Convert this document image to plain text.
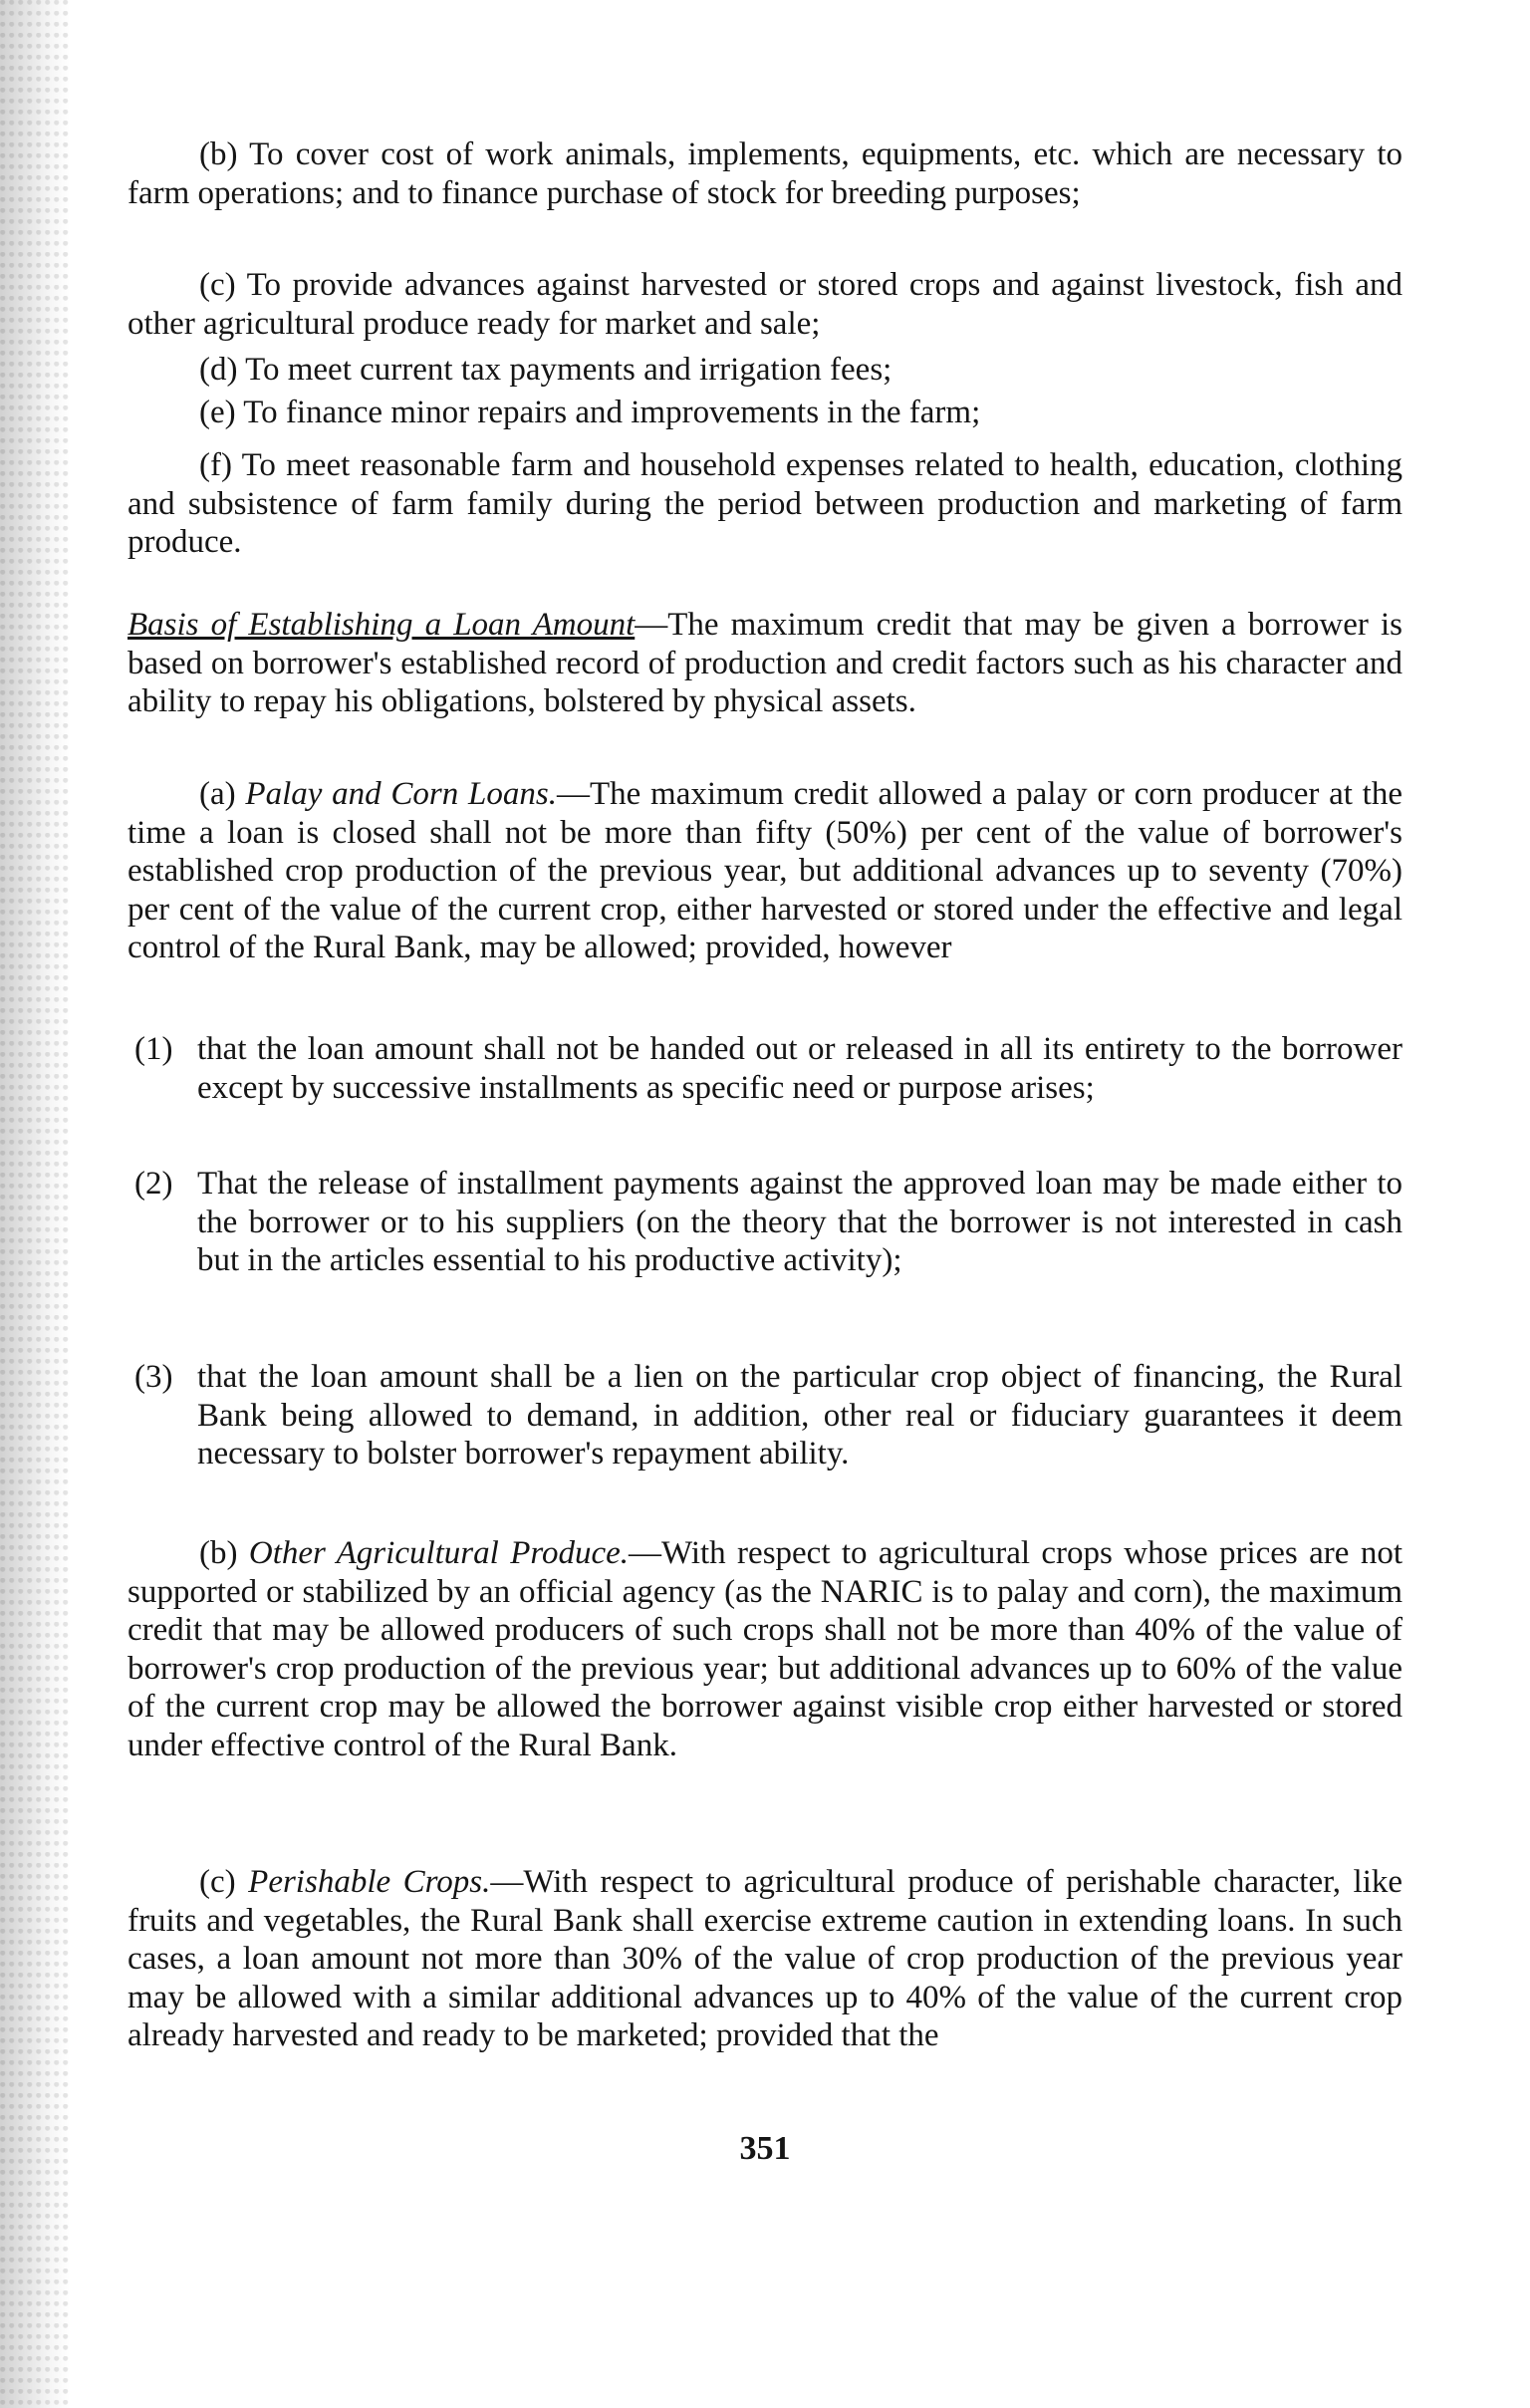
(b) To cover cost of work animals, implements, equipments, etc. which are necessary to farm operations; and to finance purchase of stock for breeding purposes;

(c) To provide advances against harvested or stored crops and against livestock, fish and other agricultural produce ready for market and sale;

(d) To meet current tax payments and irrigation fees;

(e) To finance minor repairs and improvements in the farm;

(f) To meet reasonable farm and household expenses related to health, education, clothing and subsistence of farm family during the period between production and marketing of farm produce.

Basis of Establishing a Loan Amount—The maximum credit that may be given a borrower is based on borrower's established record of production and credit factors such as his character and ability to repay his obligations, bolstered by physical assets.

(a) Palay and Corn Loans.—The maximum credit allowed a palay or corn producer at the time a loan is closed shall not be more than fifty (50%) per cent of the value of borrower's established crop production of the previous year, but additional advances up to seventy (70%) per cent of the value of the current crop, either harvested or stored under the effective and legal control of the Rural Bank, may be allowed; provided, however

(1) that the loan amount shall not be handed out or released in all its entirety to the borrower except by successive installments as specific need or purpose arises;
(2) That the release of installment payments against the approved loan may be made either to the borrower or to his suppliers (on the theory that the borrower is not interested in cash but in the articles essential to his productive activity);
(3) that the loan amount shall be a lien on the particular crop object of financing, the Rural Bank being allowed to demand, in addition, other real or fiduciary guarantees it deem necessary to bolster borrower's repayment ability.

(b) Other Agricultural Produce.—With respect to agricultural crops whose prices are not supported or stabilized by an official agency (as the NARIC is to palay and corn), the maximum credit that may be allowed producers of such crops shall not be more than 40% of the value of borrower's crop production of the previous year; but additional advances up to 60% of the value of the current crop may be allowed the borrower against visible crop either harvested or stored under effective control of the Rural Bank.

(c) Perishable Crops.—With respect to agricultural produce of perishable character, like fruits and vegetables, the Rural Bank shall exercise extreme caution in extending loans. In such cases, a loan amount not more than 30% of the value of crop production of the previous year may be allowed with a similar additional advances up to 40% of the value of the current crop already harvested and ready to be marketed; provided that the

351
